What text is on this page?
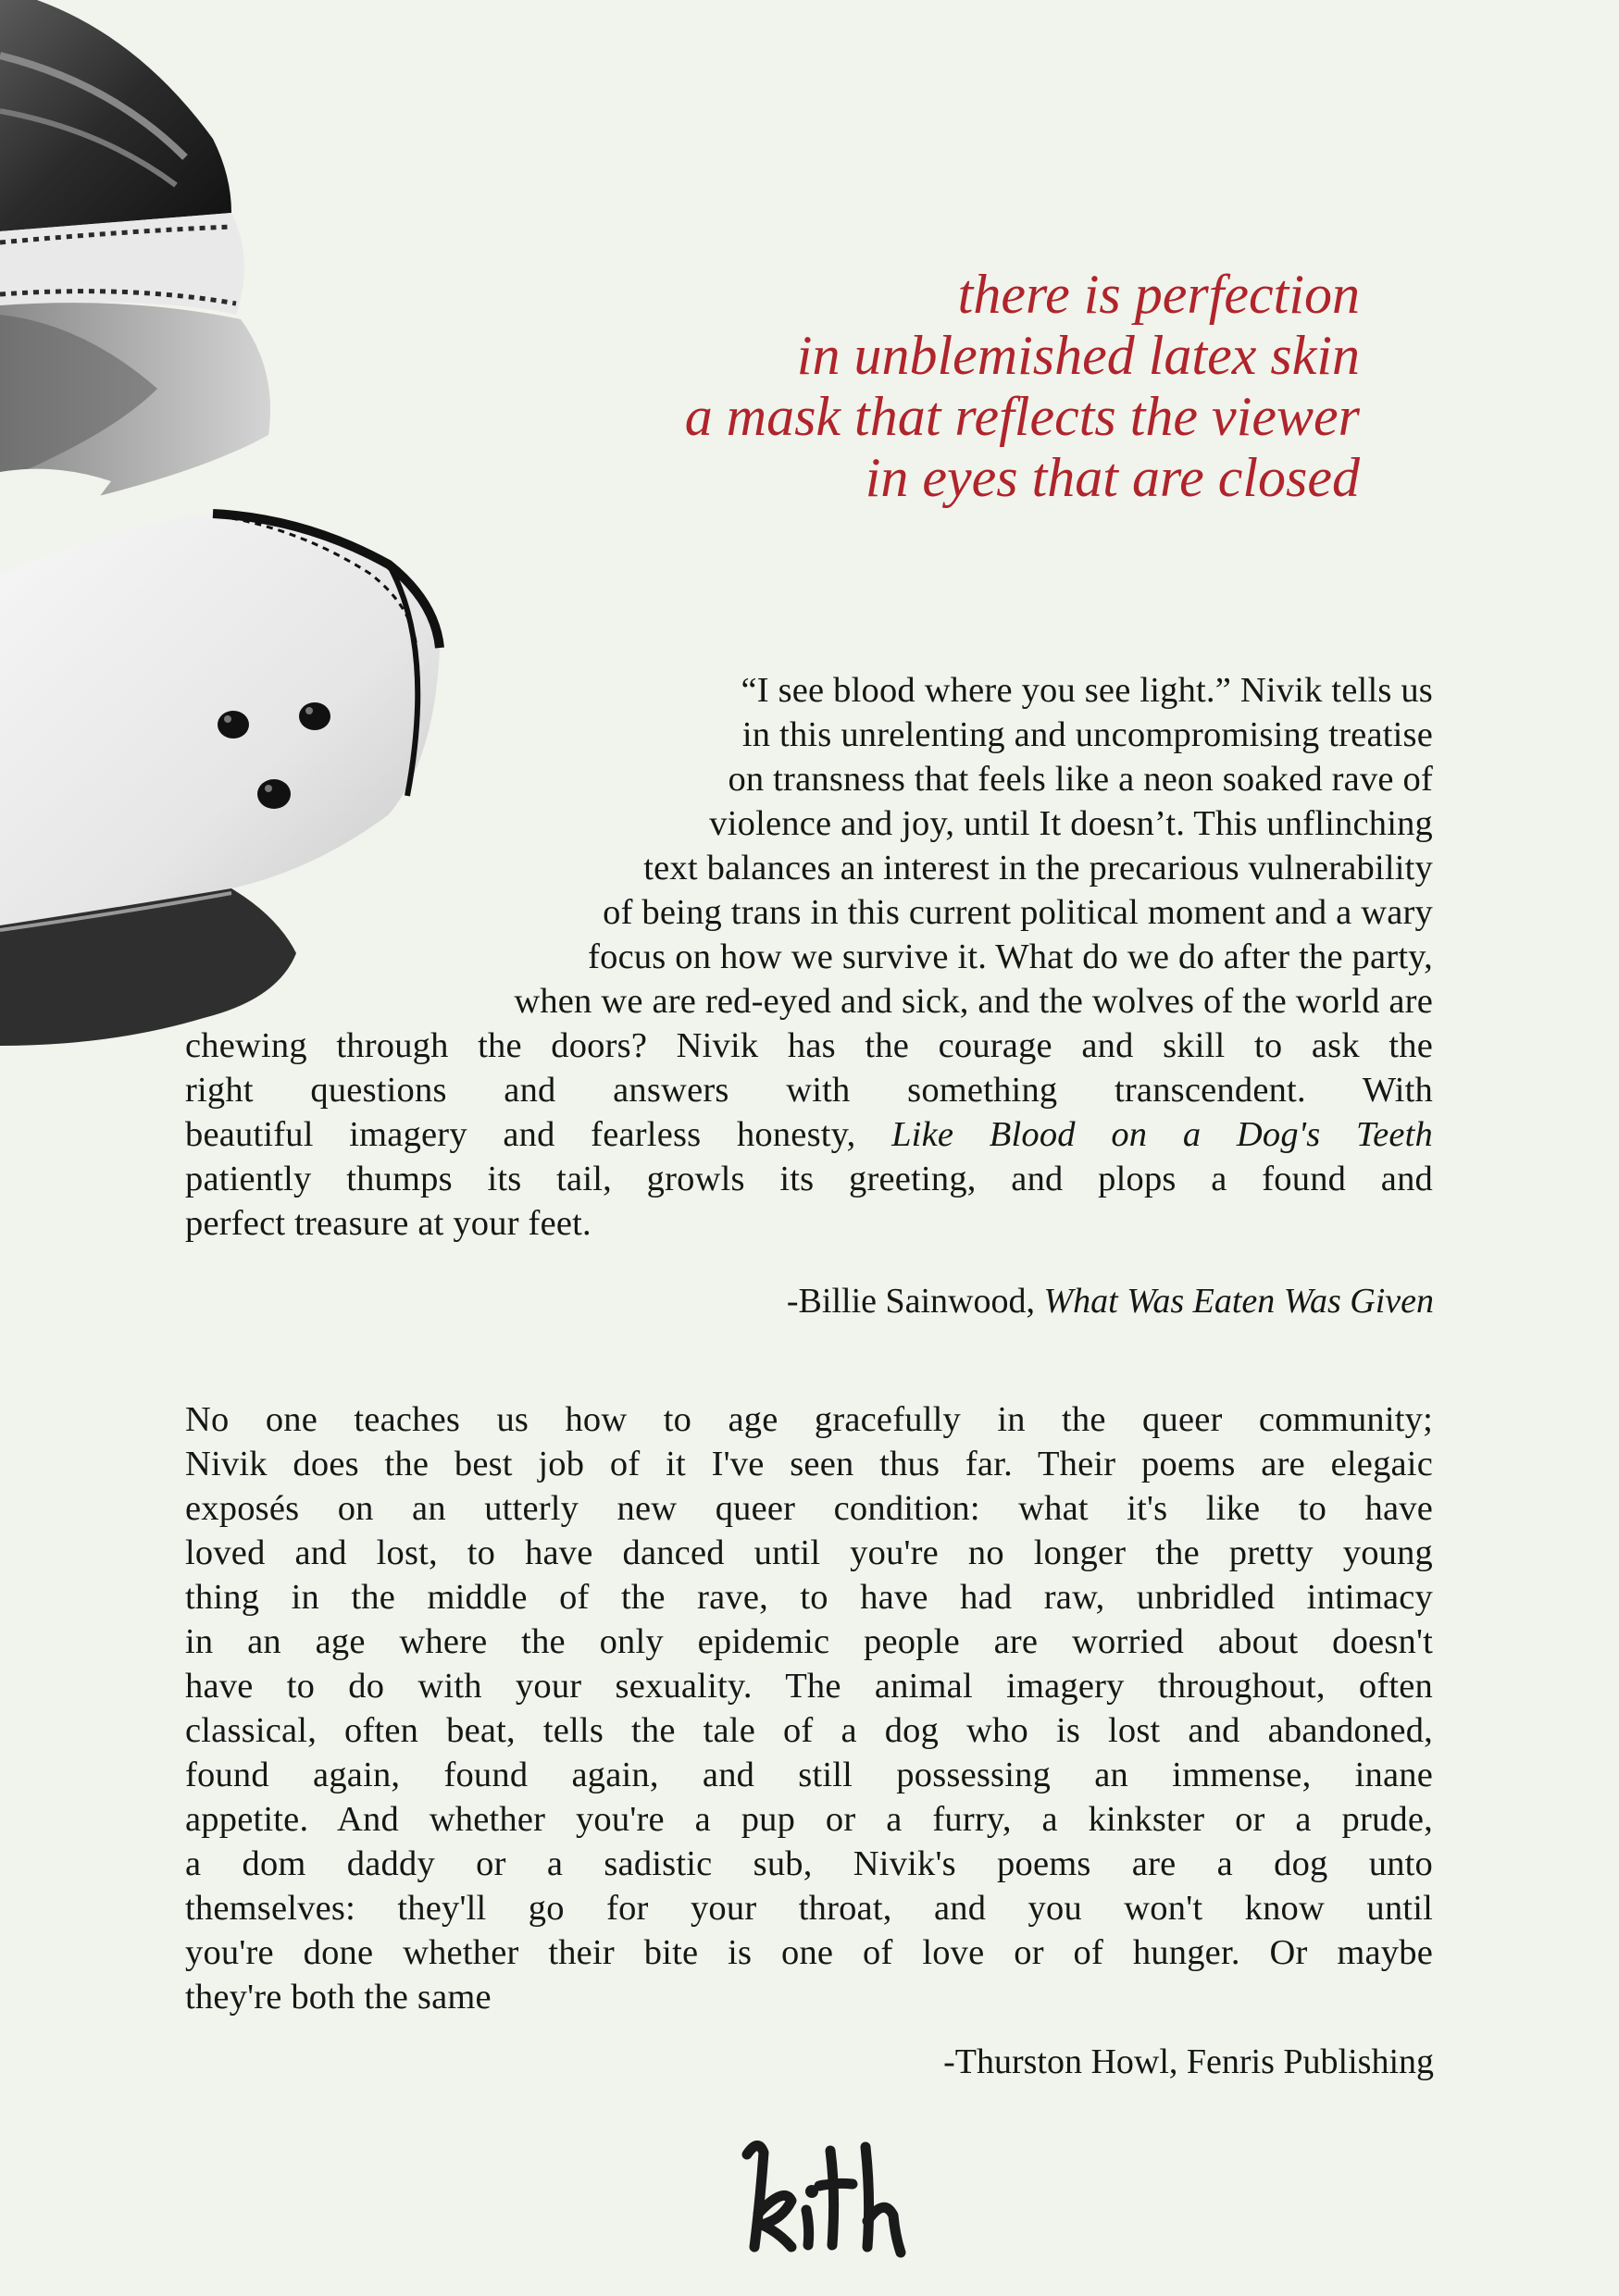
there is perfection
in unblemished latex skin
a mask that reflects the viewer
in eyes that are closed
“I see blood where you see light.” Nivik tells us
in this unrelenting and uncompromising treatise
on transness that feels like a neon soaked rave of
violence and joy, until It doesn’t. This unflinching
text balances an interest in the precarious vulnerability
of being trans in this current political moment and a wary
focus on how we survive it. What do we do after the party,
when we are red-eyed and sick, and the wolves of the world are
chewing through the doors? Nivik has the courage and skill to ask the
right questions and answers with something transcendent. With
beautiful imagery and fearless honesty, Like Blood on a Dog's Teeth
patiently thumps its tail, growls its greeting, and plops a found and
perfect treasure at your feet.
-Billie Sainwood, What Was Eaten Was Given
No one teaches us how to age gracefully in the queer community;
Nivik does the best job of it I've seen thus far. Their poems are elegaic
exposés on an utterly new queer condition: what it's like to have
loved and lost, to have danced until you're no longer the pretty young
thing in the middle of the rave, to have had raw, unbridled intimacy
in an age where the only epidemic people are worried about doesn't
have to do with your sexuality. The animal imagery throughout, often
classical, often beat, tells the tale of a dog who is lost and abandoned,
found again, found again, and still possessing an immense, inane
appetite. And whether you're a pup or a furry, a kinkster or a prude,
a dom daddy or a sadistic sub, Nivik's poems are a dog unto
themselves: they'll go for your throat, and you won't know until
you're done whether their bite is one of love or of hunger. Or maybe
they're both the same
-Thurston Howl, Fenris Publishing
